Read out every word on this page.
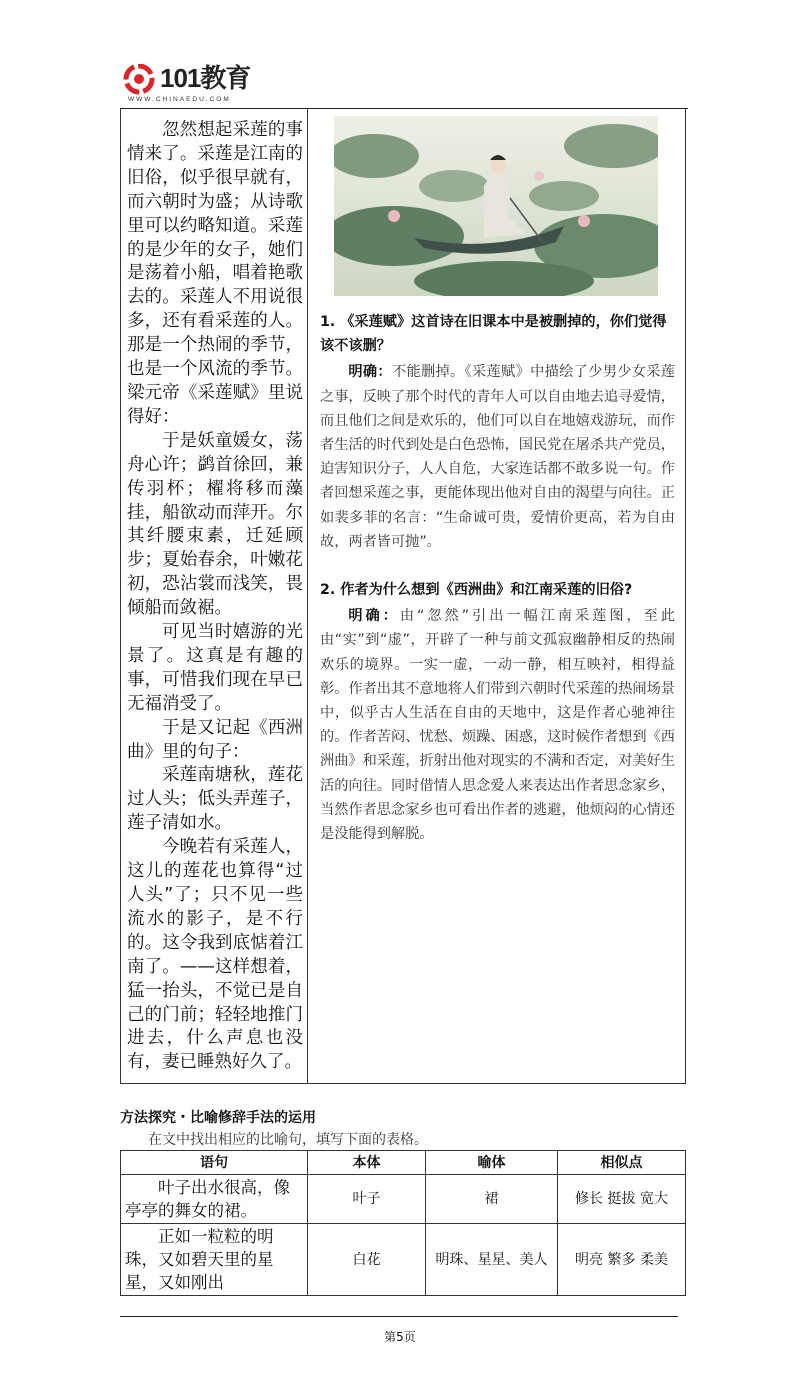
101教育
WWW.CHINAEDU.COM

忽然想起采莲的事情来了。采莲是江南的旧俗，似乎很早就有，而六朝时为盛；从诗歌里可以约略知道。采莲的是少年的女子，她们是荡着小船，唱着艳歌去的。采莲人不用说很多，还有看采莲的人。那是一个热闹的季节，也是一个风流的季节。梁元帝《采莲赋》里说得好：

于是妖童媛女，荡舟心许；鹢首徐回，兼传羽杯；櫂将移而藻挂，船欲动而萍开。尔其纤腰束素，迁延顾步；夏始春余，叶嫩花初，恐沾裳而浅笑，畏倾船而敛裾。

可见当时嬉游的光景了。这真是有趣的事，可惜我们现在早已无福消受了。

于是又记起《西洲曲》里的句子：

采莲南塘秋，莲花过人头；低头弄莲子，莲子清如水。

今晚若有采莲人，这儿的莲花也算得“过人头”了；只不见一些流水的影子，是不行的。这令我到底惦着江南了。——这样想着，猛一抬头，不觉已是自己的门前；轻轻地推门进去，什么声息也没有，妻已睡熟好久了。

1. 《采莲赋》这首诗在旧课本中是被删掉的，你们觉得该不该删？
明确：不能删掉。《采莲赋》中描绘了少男少女采莲之事，反映了那个时代的青年人可以自由地去追寻爱情，而且他们之间是欢乐的，他们可以自在地嬉戏游玩，而作者生活的时代到处是白色恐怖，国民党在屠杀共产党员，迫害知识分子，人人自危，大家连话都不敢多说一句。作者回想采莲之事，更能体现出他对自由的渴望与向往。正如裴多菲的名言：“生命诚可贵，爱情价更高，若为自由故，两者皆可抛”。
2. 作者为什么想到《西洲曲》和江南采莲的旧俗?
明确：由“忽然”引出一幅江南采莲图，至此由“实”到“虚”，开辟了一种与前文孤寂幽静相反的热闹欢乐的境界。一实一虚，一动一静，相互映衬，相得益彰。作者出其不意地将人们带到六朝时代采莲的热闹场景中，似乎古人生活在自由的天地中，这是作者心驰神往的。作者苦闷、忧愁、烦躁、困惑，这时候作者想到《西洲曲》和采莲，折射出他对现实的不满和否定，对美好生活的向往。同时借情人思念爱人来表达出作者思念家乡，当然作者思念家乡也可看出作者的逃避，他烦闷的心情还是没能得到解脱。
方法探究・比喻修辞手法的运用
在文中找出相应的比喻句，填写下面的表格。
语句	本体	喻体	相似点
叶子出水很高，像亭亭的舞女的裙。	叶子	裙	修长 挺拔 宽大
正如一粒粒的明珠，又如碧天里的星星，又如刚出	白花	明珠、星星、美人	明亮 繁多 柔美
第5页
